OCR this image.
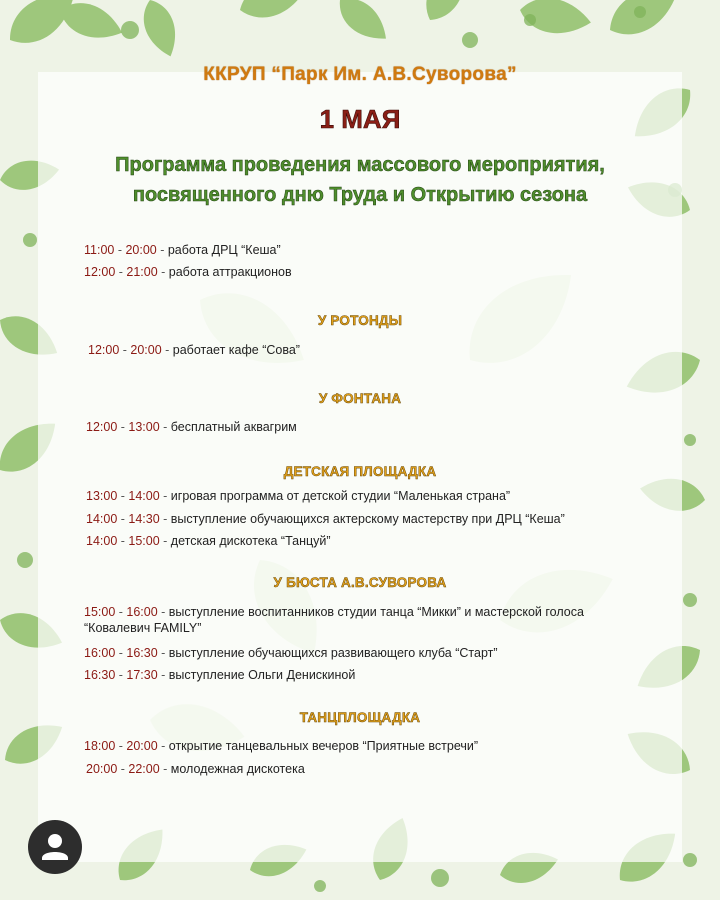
ККРУП “Парк Им. А.В.Суворова”
1 МАЯ
Программа проведения массового мероприятия,
посвященного дню Труда и Открытию сезона
11:00 - 20:00 - работа ДРЦ “Кеша”
12:00 - 21:00 - работа аттракционов
У РОТОНДЫ
12:00 - 20:00 - работает кафе “Сова”
У ФОНТАНА
12:00 - 13:00 - бесплатный аквагрим
ДЕТСКАЯ ПЛОЩАДКА
13:00 - 14:00 - игровая программа от детской студии “Маленькая страна”
14:00 - 14:30 - выступление обучающихся актерскому мастерству при ДРЦ “Кеша”
14:00 - 15:00 - детская дискотека “Танцуй”
У БЮСТА А.В.СУВОРОВА
15:00 - 16:00 - выступление воспитанников студии танца “Микки” и мастерской голоса
“Ковалевич FAMILY”
16:00 - 16:30 - выступление обучающихся развивающего клуба “Старт”
16:30 - 17:30 - выступление Ольги Денискиной
ТАНЦПЛОЩАДКА
18:00 - 20:00 - открытие танцевальных вечеров “Приятные встречи”
20:00 - 22:00 - молодежная дискотека
